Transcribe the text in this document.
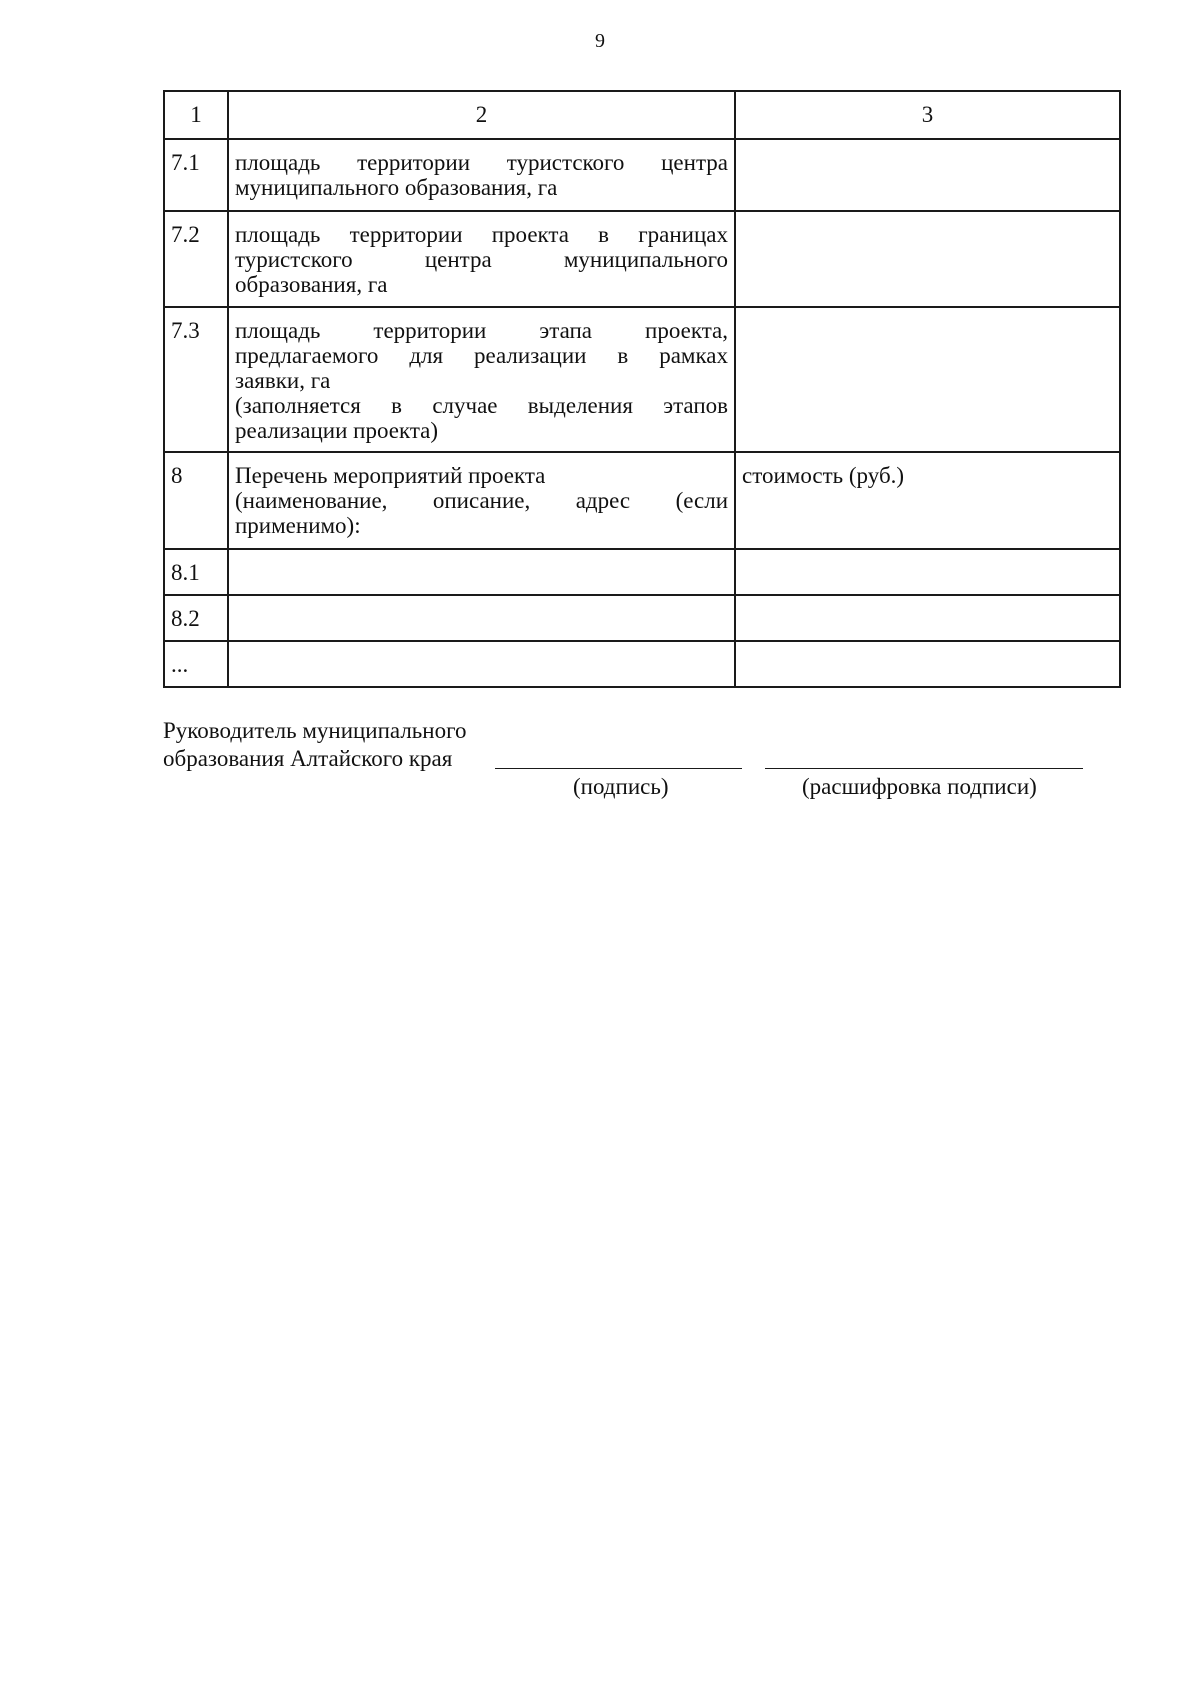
9
1	2	3
7.1	площадь территории туристского центра
муниципального образования, га	

7.2	площадь территории проекта в границах
туристского центра муниципального
образования, га	

7.3	площадь территории этапа проекта,
предлагаемого для реализации в рамках
заявки, га
(заполняется в случае выделения этапов
реализации проекта)	

8	Перечень мероприятий проекта
(наименование, описание, адрес (если
применимо):	стоимость (руб.)
8.1		
8.2		
...		
Руководитель муниципального
образования Алтайского края
(подпись)	(расшифровка подписи)
